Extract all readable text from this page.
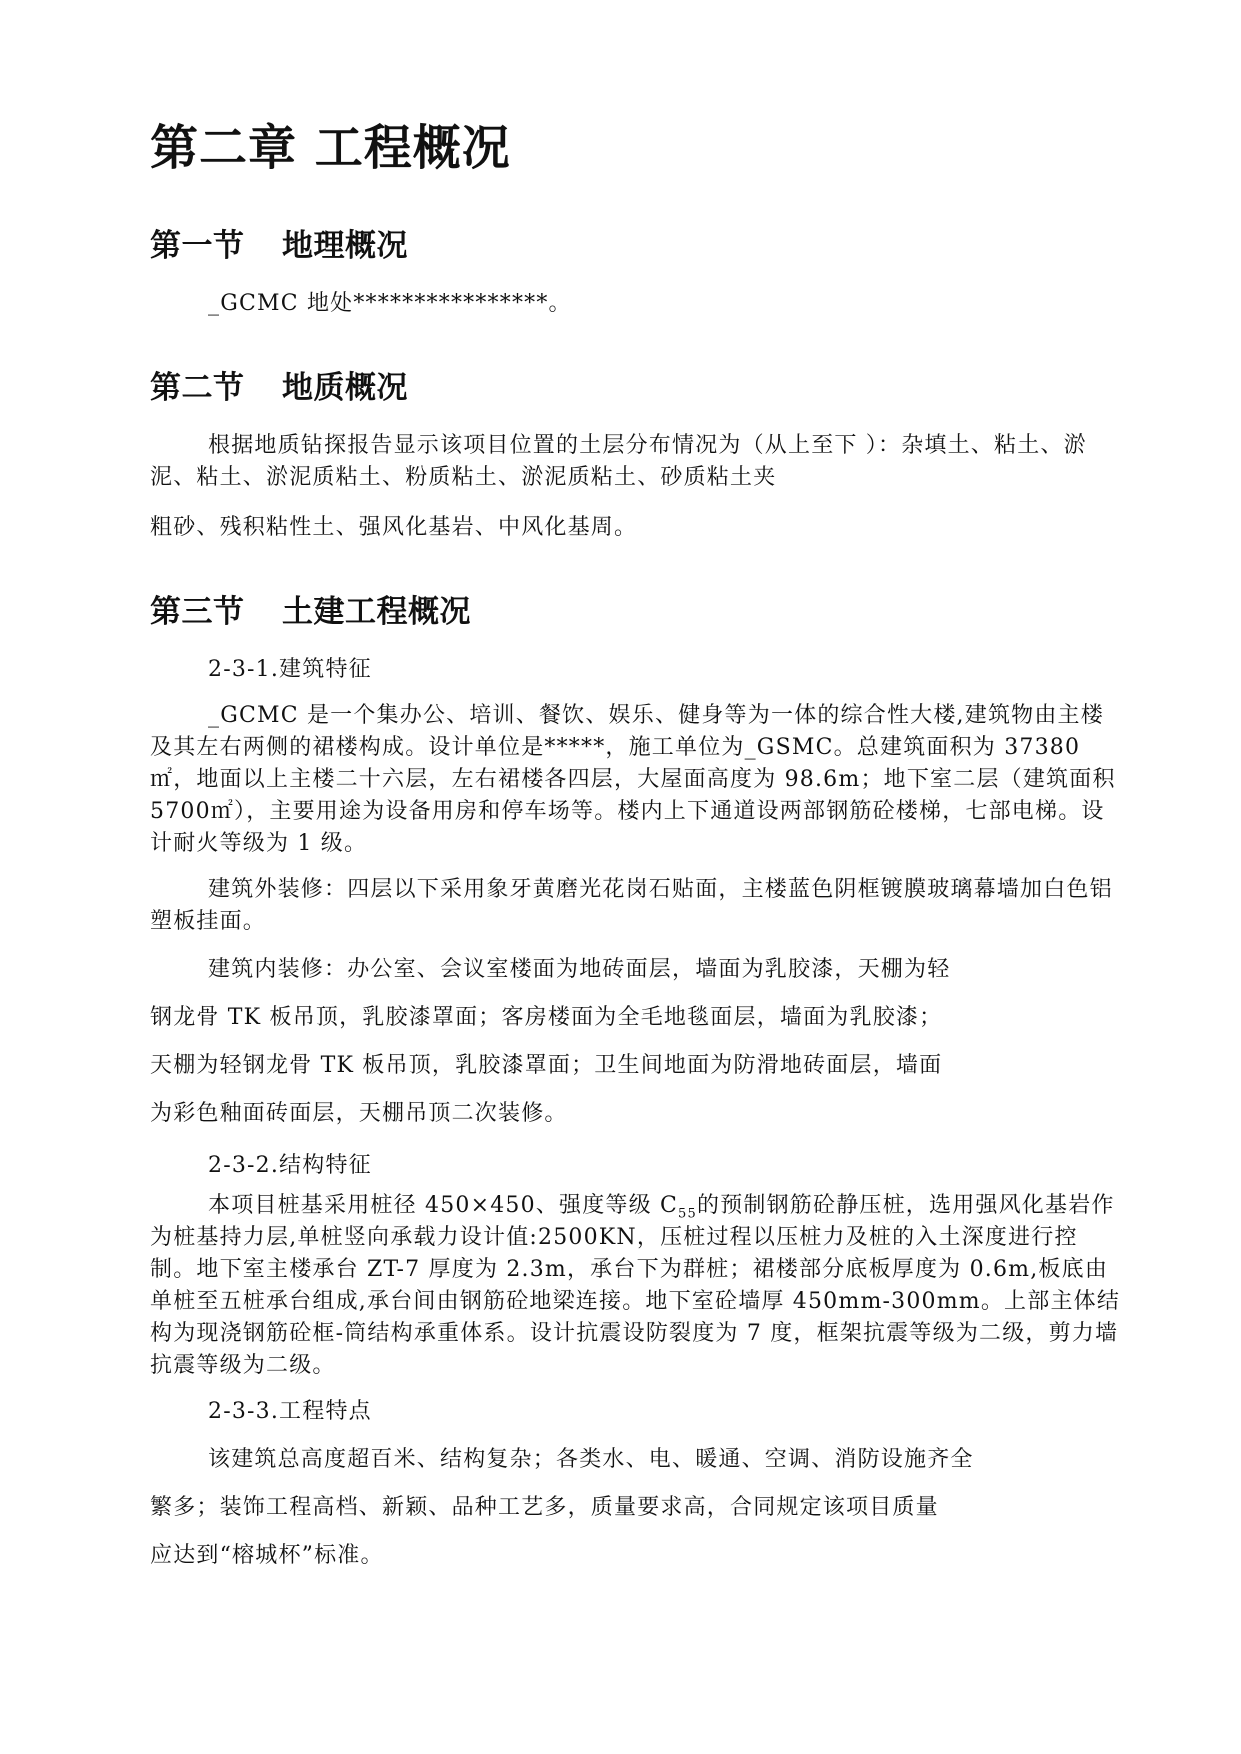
第二章 工程概况
第一节 地理概况

_GCMC 地处****************。

第二节 地质概况

根据地质钻探报告显示该项目位置的土层分布情况为（从上至下 ）：杂填土、粘土、淤泥、粘土、淤泥质粘土、粉质粘土、淤泥质粘土、砂质粘土夹

粗砂、残积粘性土、强风化基岩、中风化基周。

第三节 土建工程概况

2-3-1.建筑特征

_GCMC 是一个集办公、培训、餐饮、娱乐、健身等为一体的综合性大楼,建筑物由主楼及其左右两侧的裙楼构成。设计单位是*****，施工单位为_GSMC。总建筑面积为 37380㎡，地面以上主楼二十六层，左右裙楼各四层，大屋面高度为 98.6m；地下室二层（建筑面积 5700㎡），主要用途为设备用房和停车场等。楼内上下通道设两部钢筋砼楼梯，七部电梯。设计耐火等级为 1 级。

建筑外装修：四层以下采用象牙黄磨光花岗石贴面，主楼蓝色阴框镀膜玻璃幕墙加白色铝塑板挂面。

建筑内装修：办公室、会议室楼面为地砖面层，墙面为乳胶漆，天棚为轻

钢龙骨 TK 板吊顶，乳胶漆罩面；客房楼面为全毛地毯面层，墙面为乳胶漆；

天棚为轻钢龙骨 TK 板吊顶，乳胶漆罩面；卫生间地面为防滑地砖面层，墙面

为彩色釉面砖面层，天棚吊顶二次装修。

2-3-2.结构特征

本项目桩基采用桩径 450×450、强度等级 $C_{55}$的预制钢筋砼静压桩，选用强风化基岩作为桩基持力层,单桩竖向承载力设计值:2500KN，压桩过程以压桩力及桩的入土深度进行控制。地下室主楼承台 ZT-7 厚度为 2.3m，承台下为群桩；裙楼部分底板厚度为 0.6m,板底由单桩至五桩承台组成,承台间由钢筋砼地梁连接。地下室砼墙厚 450mm-300mm。上部主体结构为现浇钢筋砼框-筒结构承重体系。设计抗震设防裂度为 7 度，框架抗震等级为二级，剪力墙抗震等级为二级。

2-3-3.工程特点

该建筑总高度超百米、结构复杂；各类水、电、暖通、空调、消防设施齐全

繁多；装饰工程高档、新颖、品种工艺多，质量要求高，合同规定该项目质量

应达到“榕城杯”标准。
